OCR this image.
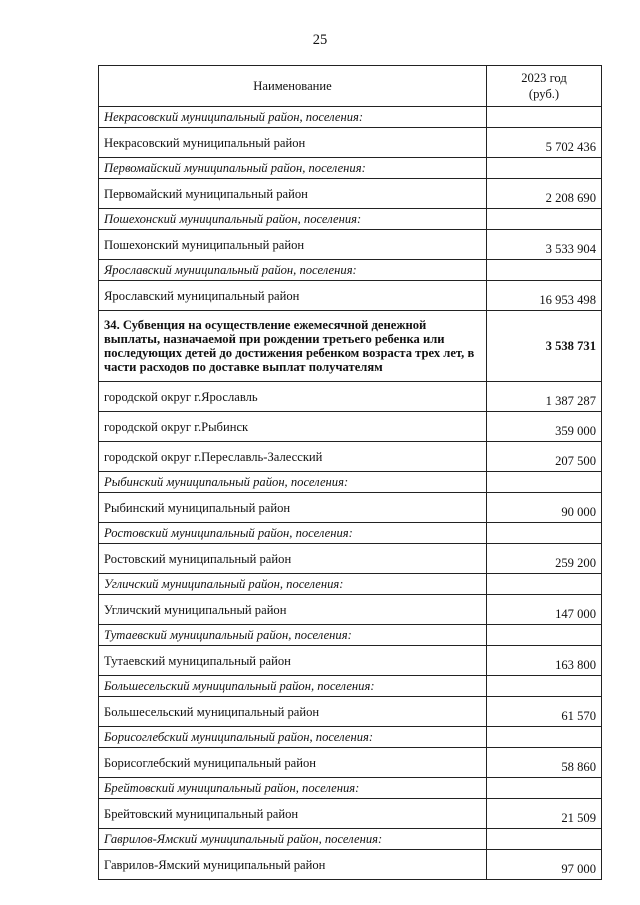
25
Наименование	2023 год
(руб.)
Некрасовский муниципальный район, поселения:	
Некрасовский муниципальный район	5 702 436
Первомайский муниципальный район, поселения:	
Первомайский муниципальный район	2 208 690
Пошехонский муниципальный район, поселения:	
Пошехонский муниципальный район	3 533 904
Ярославский муниципальный район, поселения:	
Ярославский муниципальный район	16 953 498
34. Субвенция на осуществление ежемесячной денежной выплаты, назначаемой при рождении третьего ребенка или последующих детей до достижения ребенком возраста трех лет, в части расходов по доставке выплат получателям	3 538 731
городской округ г.Ярославль	1 387 287
городской округ г.Рыбинск	359 000
городской округ г.Переславль-Залесский	207 500
Рыбинский муниципальный район, поселения:	
Рыбинский муниципальный район	90 000
Ростовский муниципальный район, поселения:	
Ростовский муниципальный район	259 200
Угличский муниципальный район, поселения:	
Угличский муниципальный район	147 000
Тутаевский муниципальный район, поселения:	
Тутаевский муниципальный район	163 800
Большесельский муниципальный район, поселения:	
Большесельский муниципальный район	61 570
Борисоглебский муниципальный район, поселения:	
Борисоглебский муниципальный район	58 860
Брейтовский муниципальный район, поселения:	
Брейтовский муниципальный район	21 509
Гаврилов-Ямский муниципальный район, поселения:	
Гаврилов-Ямский муниципальный район	97 000
